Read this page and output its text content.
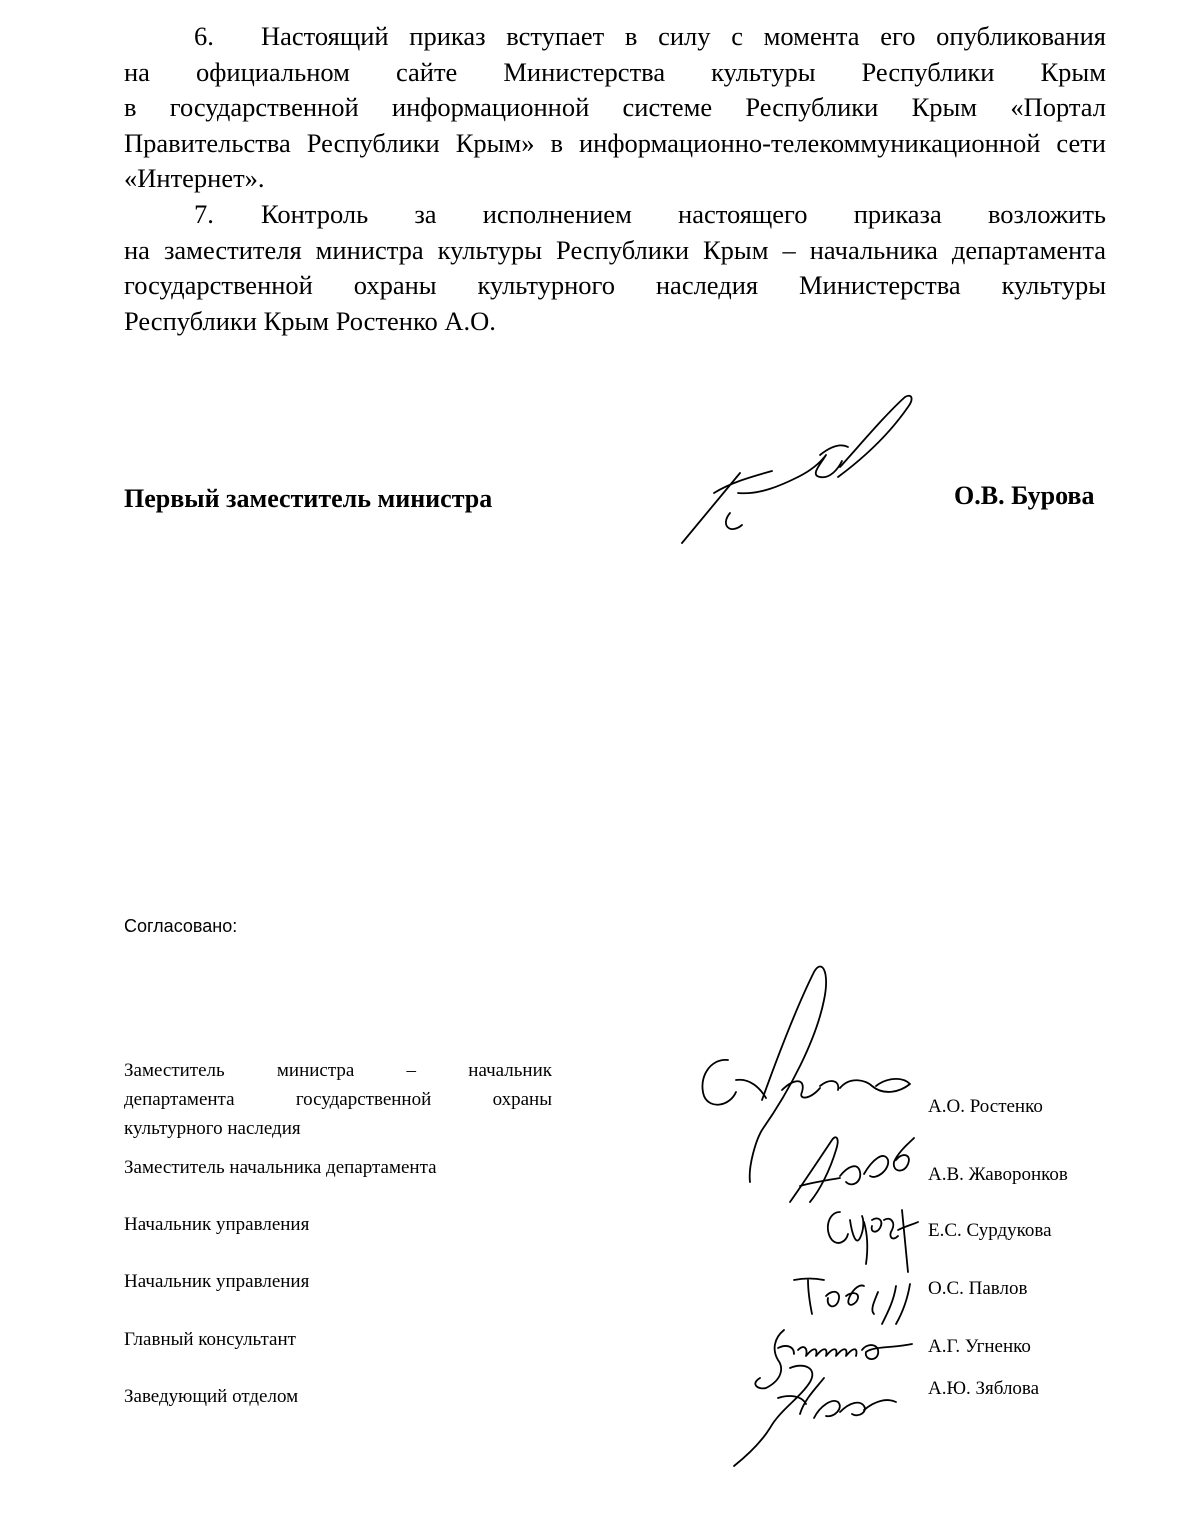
6. Настоящий приказ вступает в силу с момента его опубликования
на официальном сайте Министерства культуры Республики Крым
в государственной информационной системе Республики Крым «Портал
Правительства Республики Крым» в информационно-телекоммуникационной сети
«Интернет».
7. Контроль за исполнением настоящего приказа возложить
на заместителя министра культуры Республики Крым – начальника департамента
государственной охраны культурного наследия Министерства культуры
Республики Крым Ростенко А.О.
Первый заместитель министра	О.В. Бурова
Согласовано:
Заместитель министра – начальник
департамента государственной охраны
культурного наследия
Заместитель начальника департамента
Начальник управления
Начальник управления
Главный консультант
Заведующий отделом
А.О. Ростенко
А.В. Жаворонков
Е.С. Сурдукова
О.С. Павлов
А.Г. Угненко
А.Ю. Зяблова
